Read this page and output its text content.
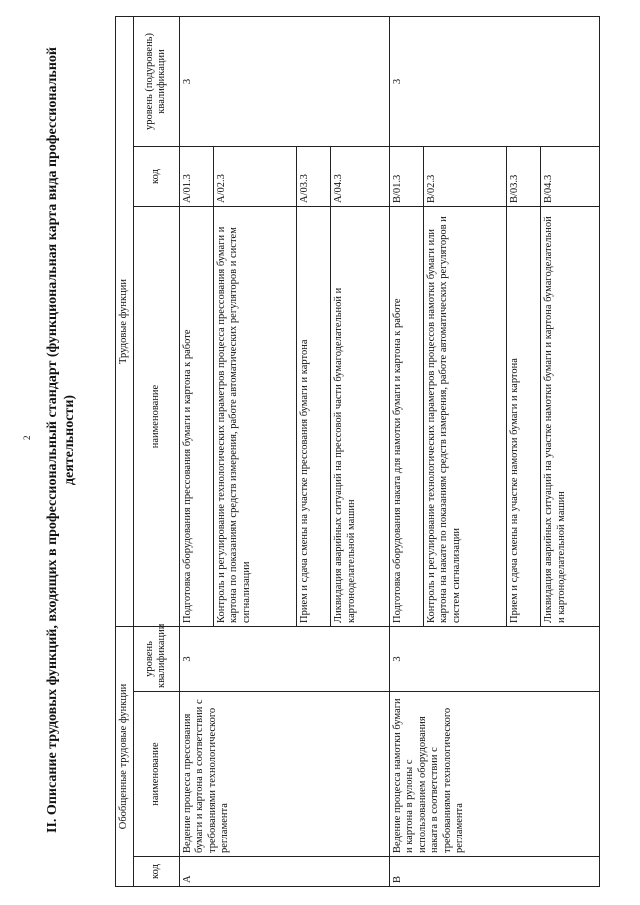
2 II. Описание трудовых функций, входящих в профессиональный стандарт (функциональная карта вида профессиональной деятельности)
Обобщенные трудовые функции			Трудовые функции		
код	наименование	уровень квалификации	наименование	код	уровень (подуровень) квалификации
A	Ведение процесса прессования бумаги и картона в соответствии с требованиями технологического регламента	3	Подготовка оборудования прессования бумаги и картона к работе	A/01.3	3
			Контроль и регулирование технологических параметров процесса прессования бумаги и картона по показаниям средств измерения, работе автоматических регуляторов и систем сигнализации	A/02.3	
			Прием и сдача смены на участке прессования бумаги и картона	A/03.3	
			Ликвидация аварийных ситуаций на прессовой части бумагоделательной и картоноделательной машин	A/04.3	
B	Ведение процесса намотки бумаги и картона в рулоны с использованием оборудования наката в соответствии с требованиями технологического регламента	3	Подготовка оборудования наката для намотки бумаги и картона к работе	B/01.3	3
			Контроль и регулирование технологических параметров процессов намотки бумаги или картона на накате по показаниям средств измерения, работе автоматических регуляторов и систем сигнализации	B/02.3	
			Прием и сдача смены на участке намотки бумаги и картона	B/03.3	
			Ликвидация аварийных ситуаций на участке намотки бумаги и картона бумагоделательной и картоноделательной машин	B/04.3	
